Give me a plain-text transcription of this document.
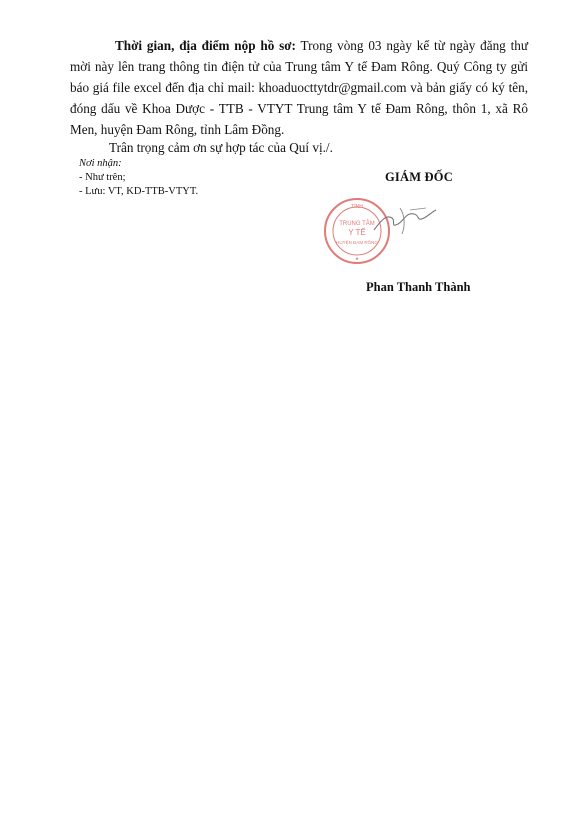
Thời gian, địa điểm nộp hồ sơ: Trong vòng 03 ngày kể từ ngày đăng thư mời này lên trang thông tin điện tử của Trung tâm Y tế Đam Rông. Quý Công ty gửi báo giá file excel đến địa chỉ mail: khoaduocttytdr@gmail.com và bản giấy có ký tên, đóng dấu về Khoa Dược - TTB - VTYT Trung tâm Y tế Đam Rông, thôn 1, xã Rô Men, huyện Đam Rông, tỉnh Lâm Đồng.

Trân trọng cảm ơn sự hợp tác của Quí vị./.
Nơi nhận:
- Như trên;
- Lưu: VT, KD-TTB-VTYT.
GIÁM ĐỐC
TỈNH
TRUNG TÂM
Y TẾ
HUYỆN ĐAM RÔNG
★
Phan Thanh Thành
